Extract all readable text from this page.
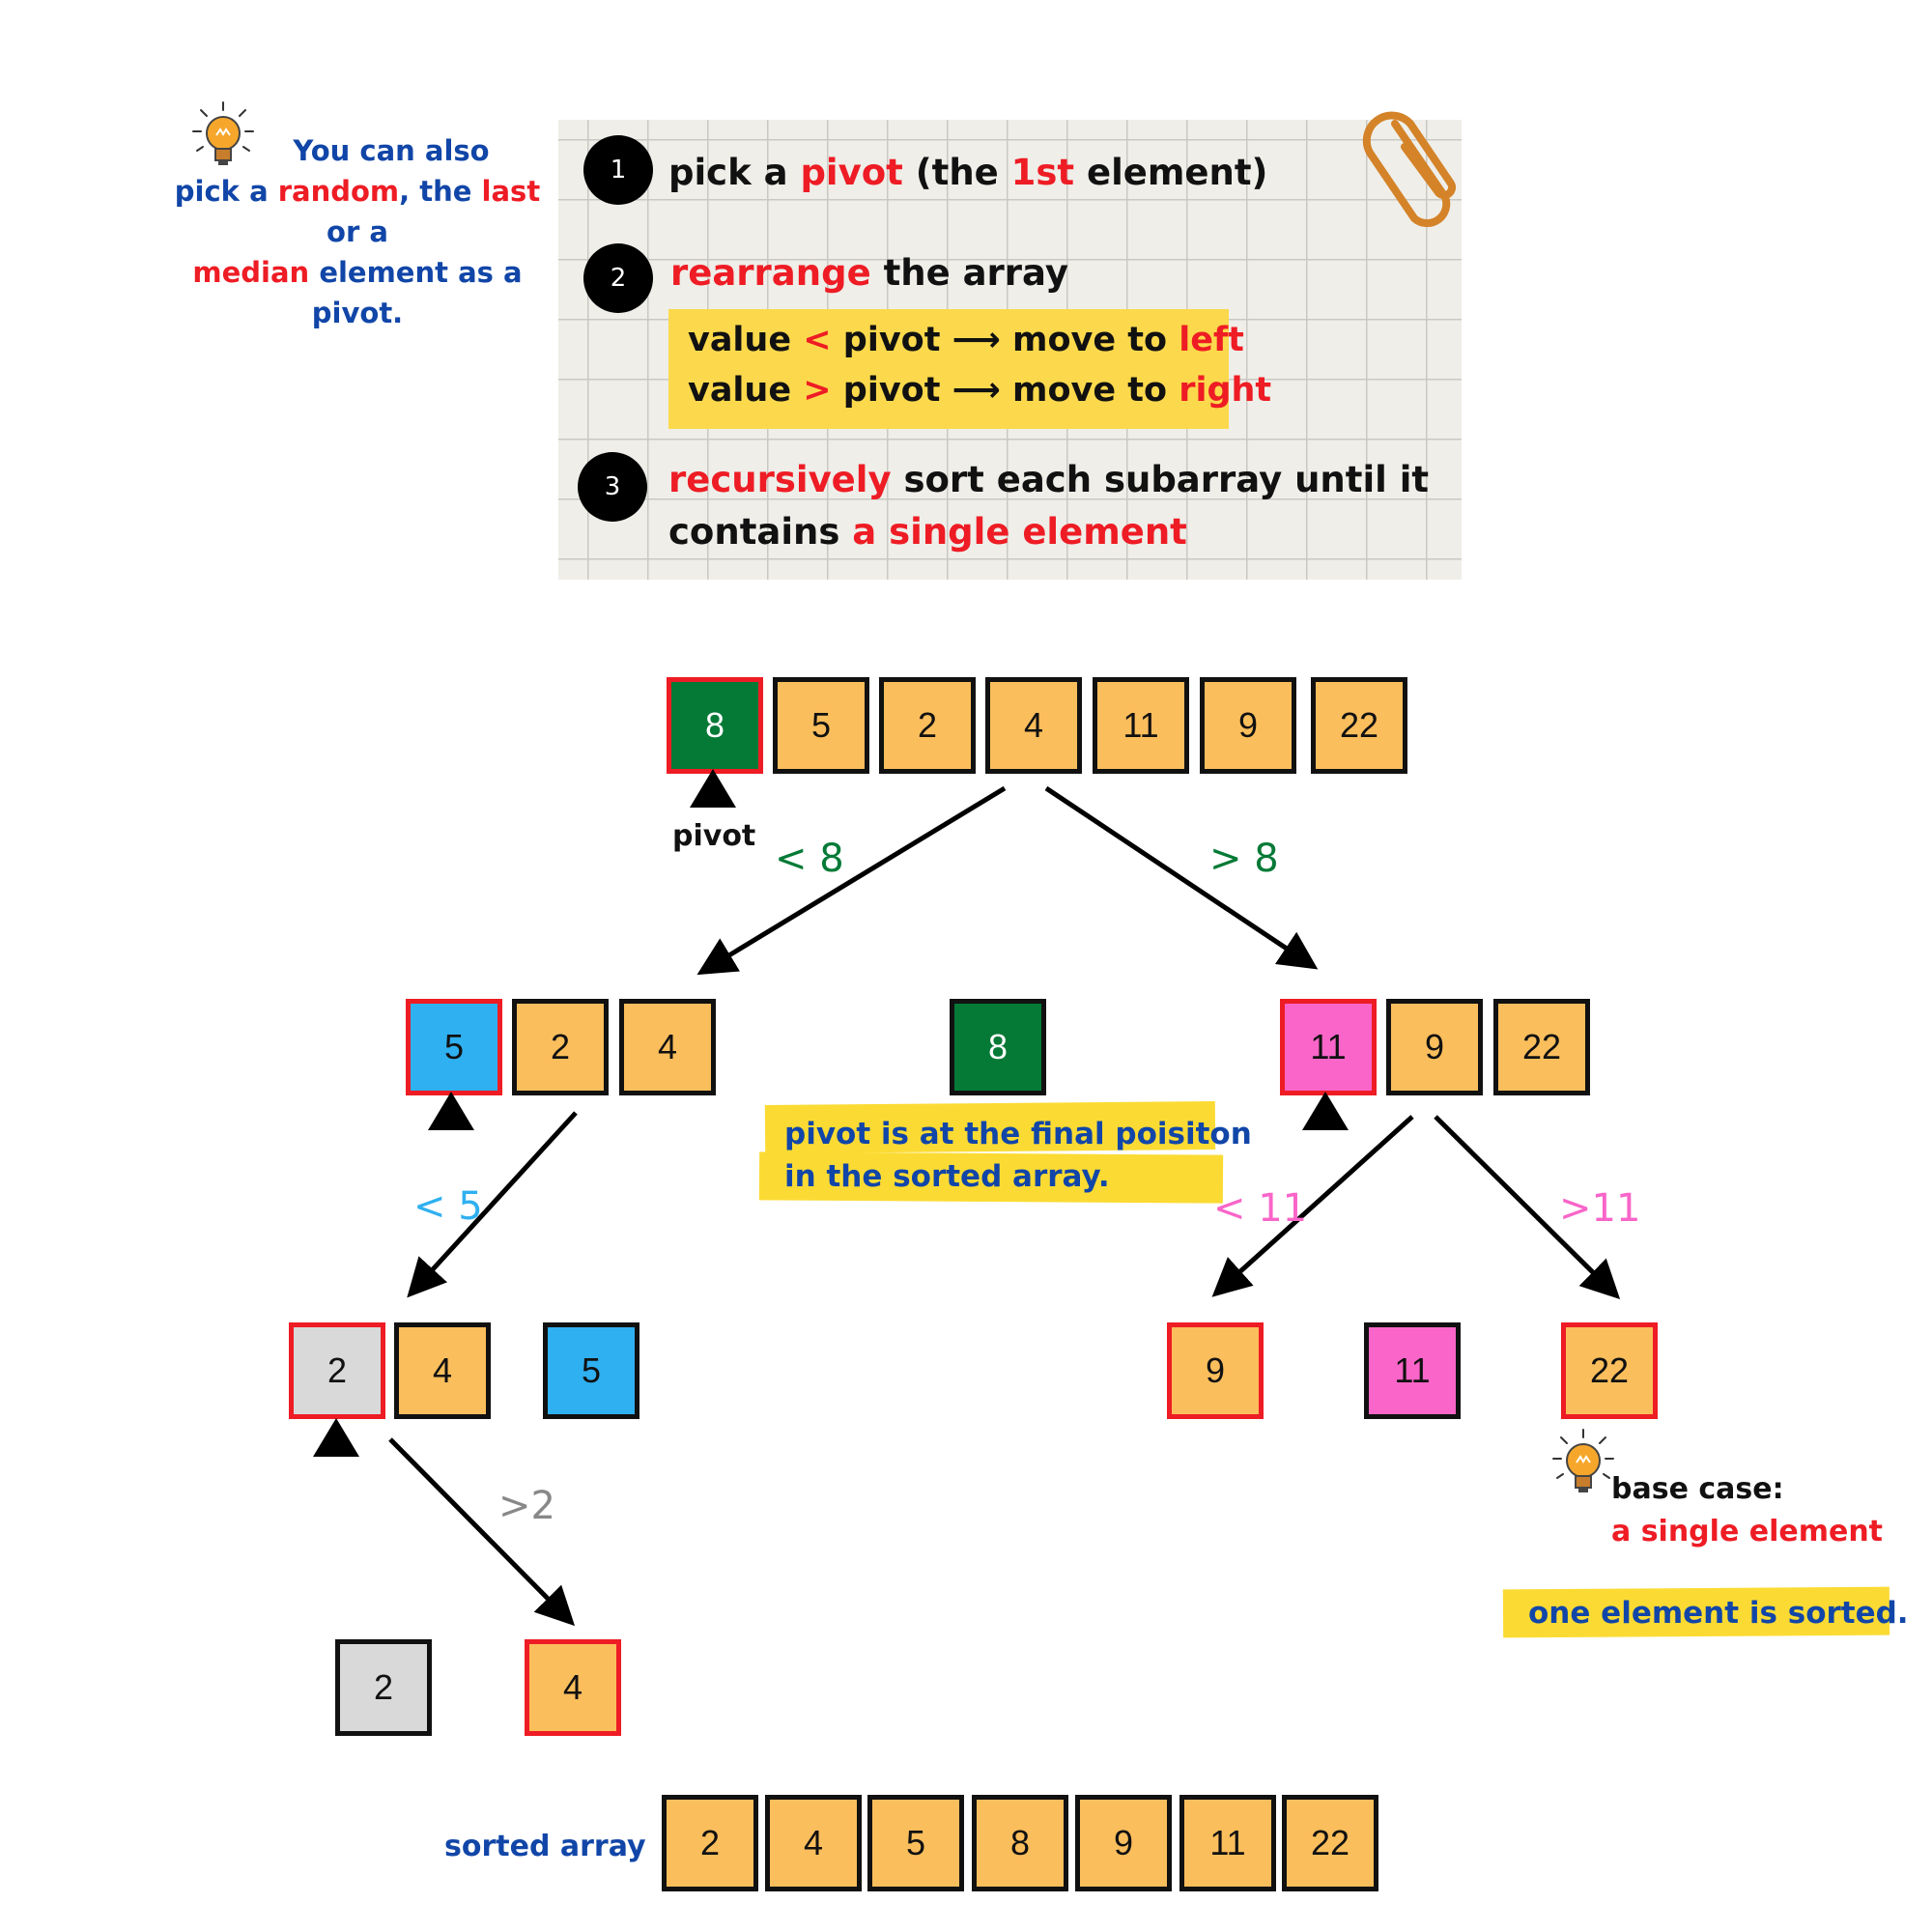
You can also
pick a random, the last or a
median element as a pivot.
1	pick a pivot (the 1st element)
2	rearrange the array
value < pivot ⟶ move to left
value > pivot ⟶ move to right
3	recursively sort each subarray until it
contains a single element
8	5	2	4	11	9	22
pivot
< 8	> 8
5	2	4	8	11	9	22
pivot is at the final poisiton
in the sorted array.
< 5	< 11	>11
2	4	5	9	11	22
>2	base case:
a single element
one element is sorted.
2	4
sorted array	2	4	5	8	9	11	22
